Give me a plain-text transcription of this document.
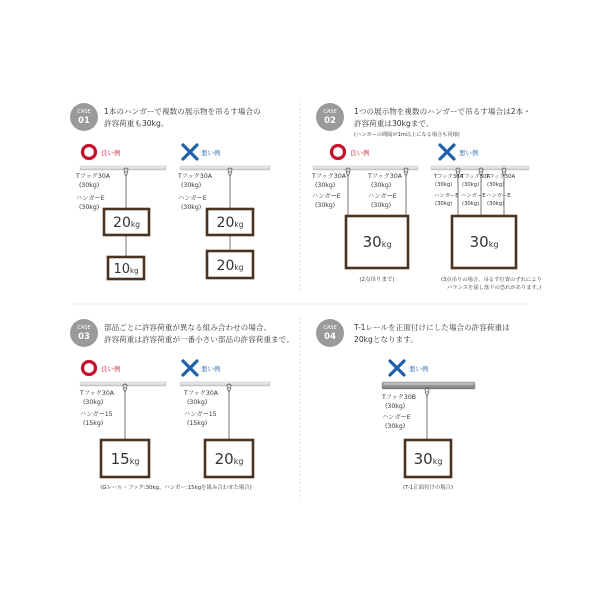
CASE
01
1本のハンガーで複数の展示物を吊るす場合の
許容荷重も30kg。
良い例
Tフック30A
(30kg)
ハンガーE
(30kg)
20kg
10kg
悪い例
Tフック30A
(30kg)
ハンガーE
(30kg)
20kg
20kg
CASE
02
1つの展示物を複数のハンガーで吊るす場合は2本・
許容荷重は30kgまで。
(ハンガーの間隔が1m以上になる場合も同様)
良い例
Tフック30A
(30kg)
ハンガーE
(30kg)
Tフック30A
(30kg)
ハンガーE
(30kg)
30kg
(2点吊りまで)
悪い例
Tフック30A
(30kg)
ハンガーE
(30kg)
Tフック30A
(30kg)
ハンガーE
(30kg)
Tフック30A
(30kg)
ハンガーE
(30kg)
30kg
(3点吊りの場合、吊るす位置のずれにより
バランスを崩し落下の恐れがあります。)
CASE
03
部品ごとに許容荷重が異なる組み合わせの場合、
許容荷重は許容荷重が一番小さい部品の許容荷重まで。
良い例
Tフック30A
(30kg)
ハンガー15
(15kg)
15kg
悪い例
Tフック30A
(30kg)
ハンガー15
(15kg)
20kg
(Gレール・フック:30kg、ハンガー:15kgを組み合わせた場合)
CASE
04
T-1レールを正面付けにした場合の許容荷重は
20kgとなります。
悪い例
Tフック30B
(30kg)
ハンガーE
(30kg)
30kg
(T-1正面付けの場合)
